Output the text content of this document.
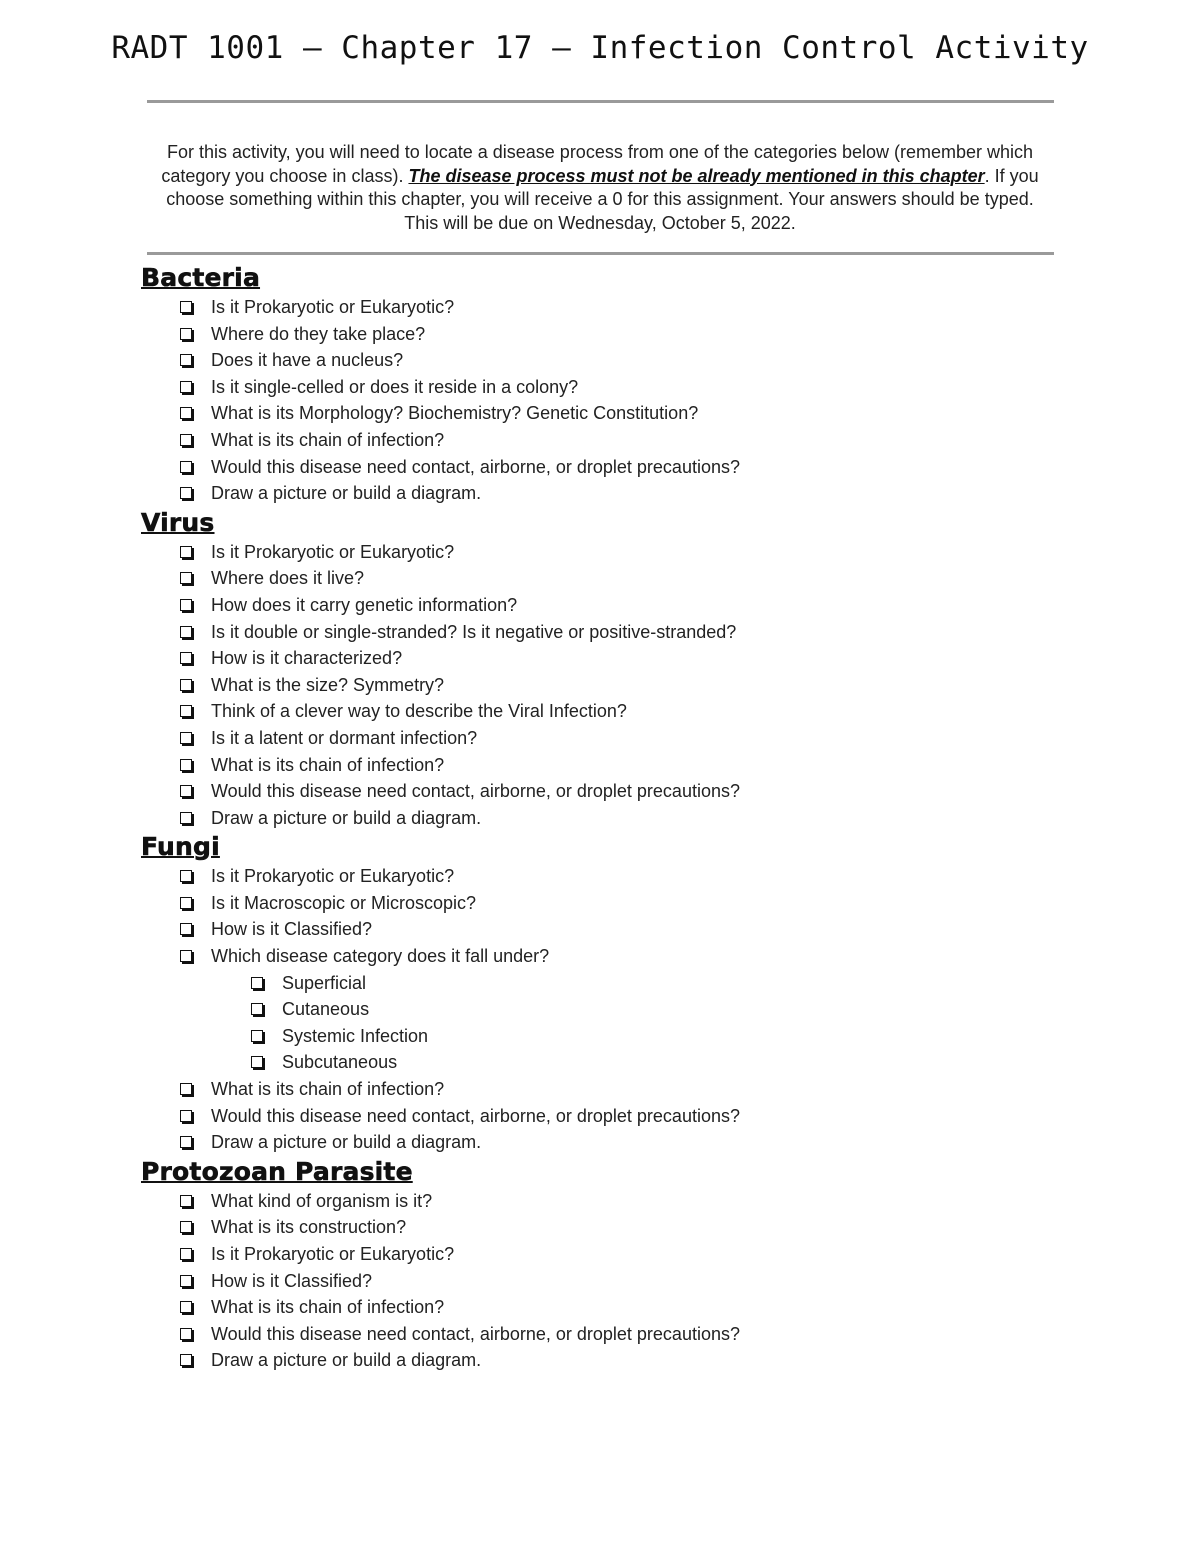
RADT 1001 – Chapter 17 – Infection Control Activity
For this activity, you will need to locate a disease process from one of the categories below (remember which category you choose in class). The disease process must not be already mentioned in this chapter. If you choose something within this chapter, you will receive a 0 for this assignment. Your answers should be typed. This will be due on Wednesday, October 5, 2022.
Bacteria
Is it Prokaryotic or Eukaryotic?
Where do they take place?
Does it have a nucleus?
Is it single-celled or does it reside in a colony?
What is its Morphology? Biochemistry? Genetic Constitution?
What is its chain of infection?
Would this disease need contact, airborne, or droplet precautions?
Draw a picture or build a diagram.
Virus
Is it Prokaryotic or Eukaryotic?
Where does it live?
How does it carry genetic information?
Is it double or single-stranded? Is it negative or positive-stranded?
How is it characterized?
What is the size? Symmetry?
Think of a clever way to describe the Viral Infection?
Is it a latent or dormant infection?
What is its chain of infection?
Would this disease need contact, airborne, or droplet precautions?
Draw a picture or build a diagram.
Fungi
Is it Prokaryotic or Eukaryotic?
Is it Macroscopic or Microscopic?
How is it Classified?
Which disease category does it fall under?
Superficial
Cutaneous
Systemic Infection
Subcutaneous
What is its chain of infection?
Would this disease need contact, airborne, or droplet precautions?
Draw a picture or build a diagram.
Protozoan Parasite
What kind of organism is it?
What is its construction?
Is it Prokaryotic or Eukaryotic?
How is it Classified?
What is its chain of infection?
Would this disease need contact, airborne, or droplet precautions?
Draw a picture or build a diagram.
